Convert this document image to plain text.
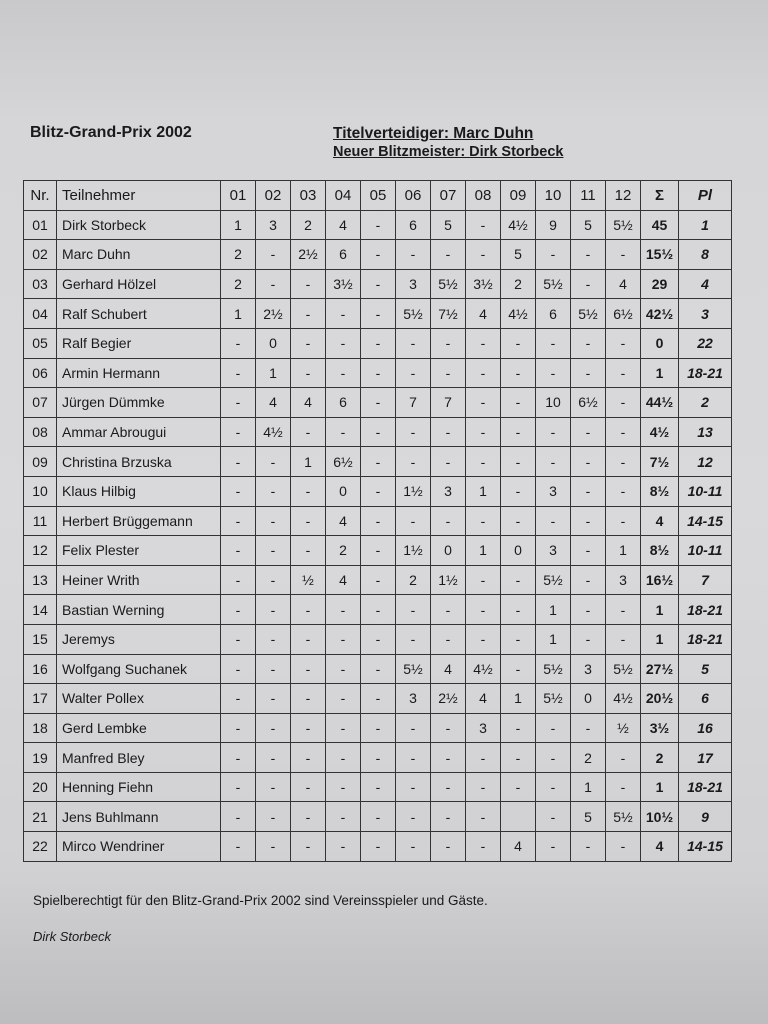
Blitz-Grand-Prix 2002	Titelverteidiger: Marc Duhn
Neuer Blitzmeister: Dirk Storbeck
Nr.	Teilnehmer	01	02	03	04	05	06	07	08	09	10	11	12	Σ	Pl
01	Dirk Storbeck	1	3	2	4	-	6	5	-	4½	9	5	5½	45	1
02	Marc Duhn	2	-	2½	6	-	-	-	-	5	-	-	-	15½	8
03	Gerhard Hölzel	2	-	-	3½	-	3	5½	3½	2	5½	-	4	29	4
04	Ralf Schubert	1	2½	-	-	-	5½	7½	4	4½	6	5½	6½	42½	3
05	Ralf Begier	-	0	-	-	-	-	-	-	-	-	-	-	0	22
06	Armin Hermann	-	1	-	-	-	-	-	-	-	-	-	-	1	18-21
07	Jürgen Dümmke	-	4	4	6	-	7	7	-	-	10	6½	-	44½	2
08	Ammar Abrougui	-	4½	-	-	-	-	-	-	-	-	-	-	4½	13
09	Christina Brzuska	-	-	1	6½	-	-	-	-	-	-	-	-	7½	12
10	Klaus Hilbig	-	-	-	0	-	1½	3	1	-	3	-	-	8½	10-11
11	Herbert Brüggemann	-	-	-	4	-	-	-	-	-	-	-	-	4	14-15
12	Felix Plester	-	-	-	2	-	1½	0	1	0	3	-	1	8½	10-11
13	Heiner Writh	-	-	½	4	-	2	1½	-	-	5½	-	3	16½	7
14	Bastian Werning	-	-	-	-	-	-	-	-	-	1	-	-	1	18-21
15	Jeremys	-	-	-	-	-	-	-	-	-	1	-	-	1	18-21
16	Wolfgang Suchanek	-	-	-	-	-	5½	4	4½	-	5½	3	5½	27½	5
17	Walter Pollex	-	-	-	-	-	3	2½	4	1	5½	0	4½	20½	6
18	Gerd Lembke	-	-	-	-	-	-	-	3	-	-	-	½	3½	16
19	Manfred Bley	-	-	-	-	-	-	-	-	-	-	2	-	2	17
20	Henning Fiehn	-	-	-	-	-	-	-	-	-	-	1	-	1	18-21
21	Jens Buhlmann	-	-	-	-	-	-	-	-		-	5	5½	10½	9
22	Mirco Wendriner	-	-	-	-	-	-	-	-	4	-	-	-	4	14-15
Spielberechtigt für den Blitz-Grand-Prix 2002 sind Vereinsspieler und Gäste.
Dirk Storbeck
